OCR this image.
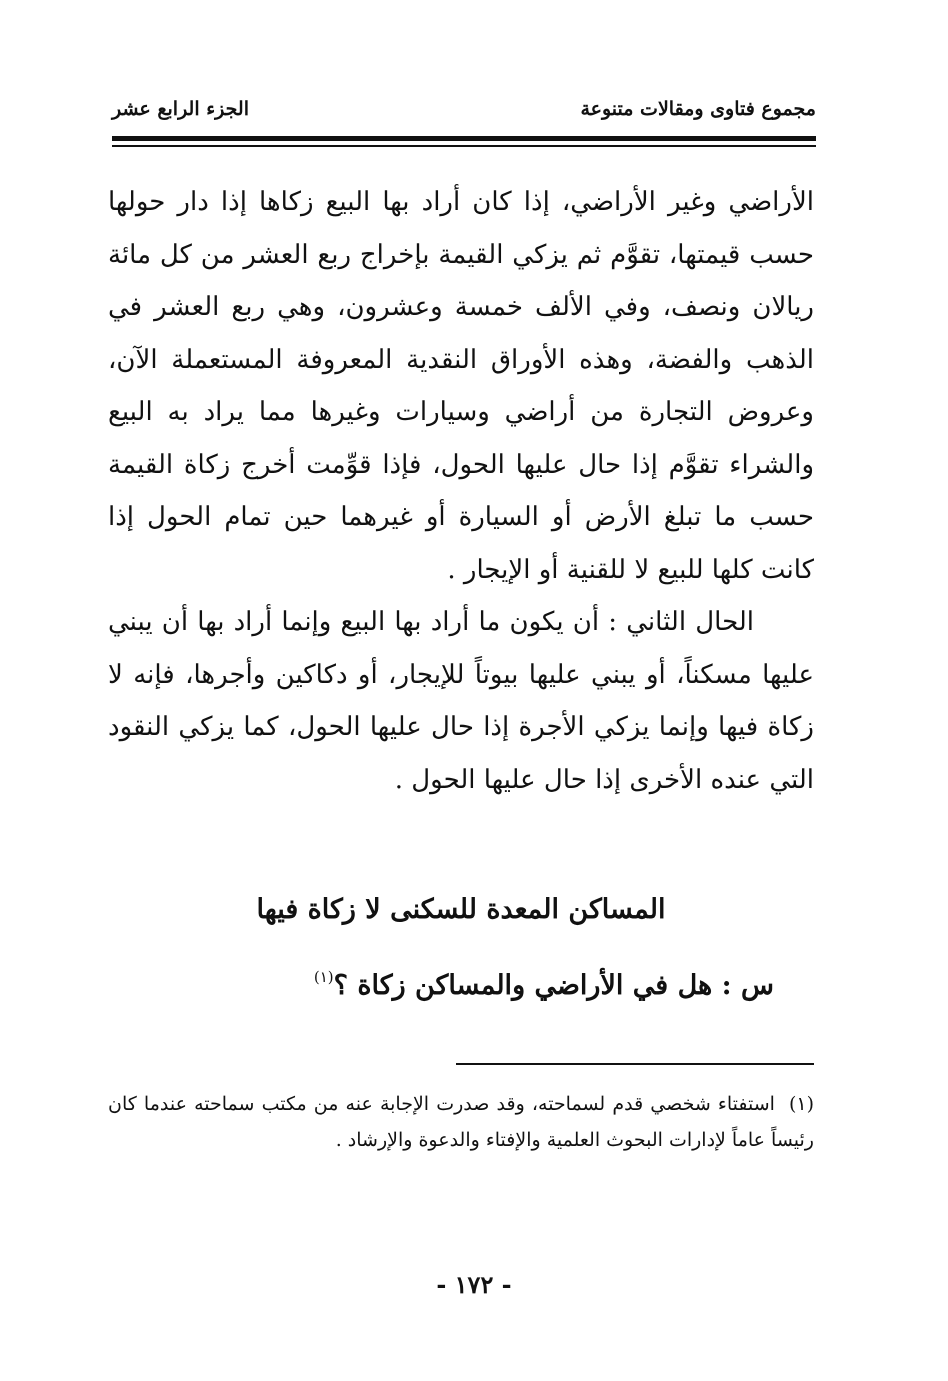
مجموع فتاوى ومقالات متنوعة
الجزء الرابع عشر

الأراضي وغير الأراضي، إذا كان أراد بها البيع زكاها إذا دار حولها حسب قيمتها، تقوَّم ثم يزكي القيمة بإخراج ربع العشر من كل مائة ريالان ونصف، وفي الألف خمسة وعشرون، وهي ربع العشر في الذهب والفضة، وهذه الأوراق النقدية المعروفة المستعملة الآن، وعروض التجارة من أراضي وسيارات وغيرها مما يراد به البيع والشراء تقوَّم إذا حال عليها الحول، فإذا قوِّمت أخرج زكاة القيمة حسب ما تبلغ الأرض أو السيارة أو غيرهما حين تمام الحول إذا كانت كلها للبيع لا للقنية أو الإيجار .

الحال الثاني : أن يكون ما أراد بها البيع وإنما أراد بها أن يبني عليها مسكناً، أو يبني عليها بيوتاً للإيجار، أو دكاكين وأجرها، فإنه لا زكاة فيها وإنما يزكي الأجرة إذا حال عليها الحول، كما يزكي النقود التي عنده الأخرى إذا حال عليها الحول .

المساكن المعدة للسكنى لا زكاة فيها
س : هل في الأراضي والمساكن زكاة ؟$^{(١)}$
(١)استفتاء شخصي قدم لسماحته، وقد صدرت الإجابة عنه من مكتب سماحته عندما كان رئيساً عاماً لإدارات البحوث العلمية والإفتاء والدعوة والإرشاد .
- ١٧٢ -
